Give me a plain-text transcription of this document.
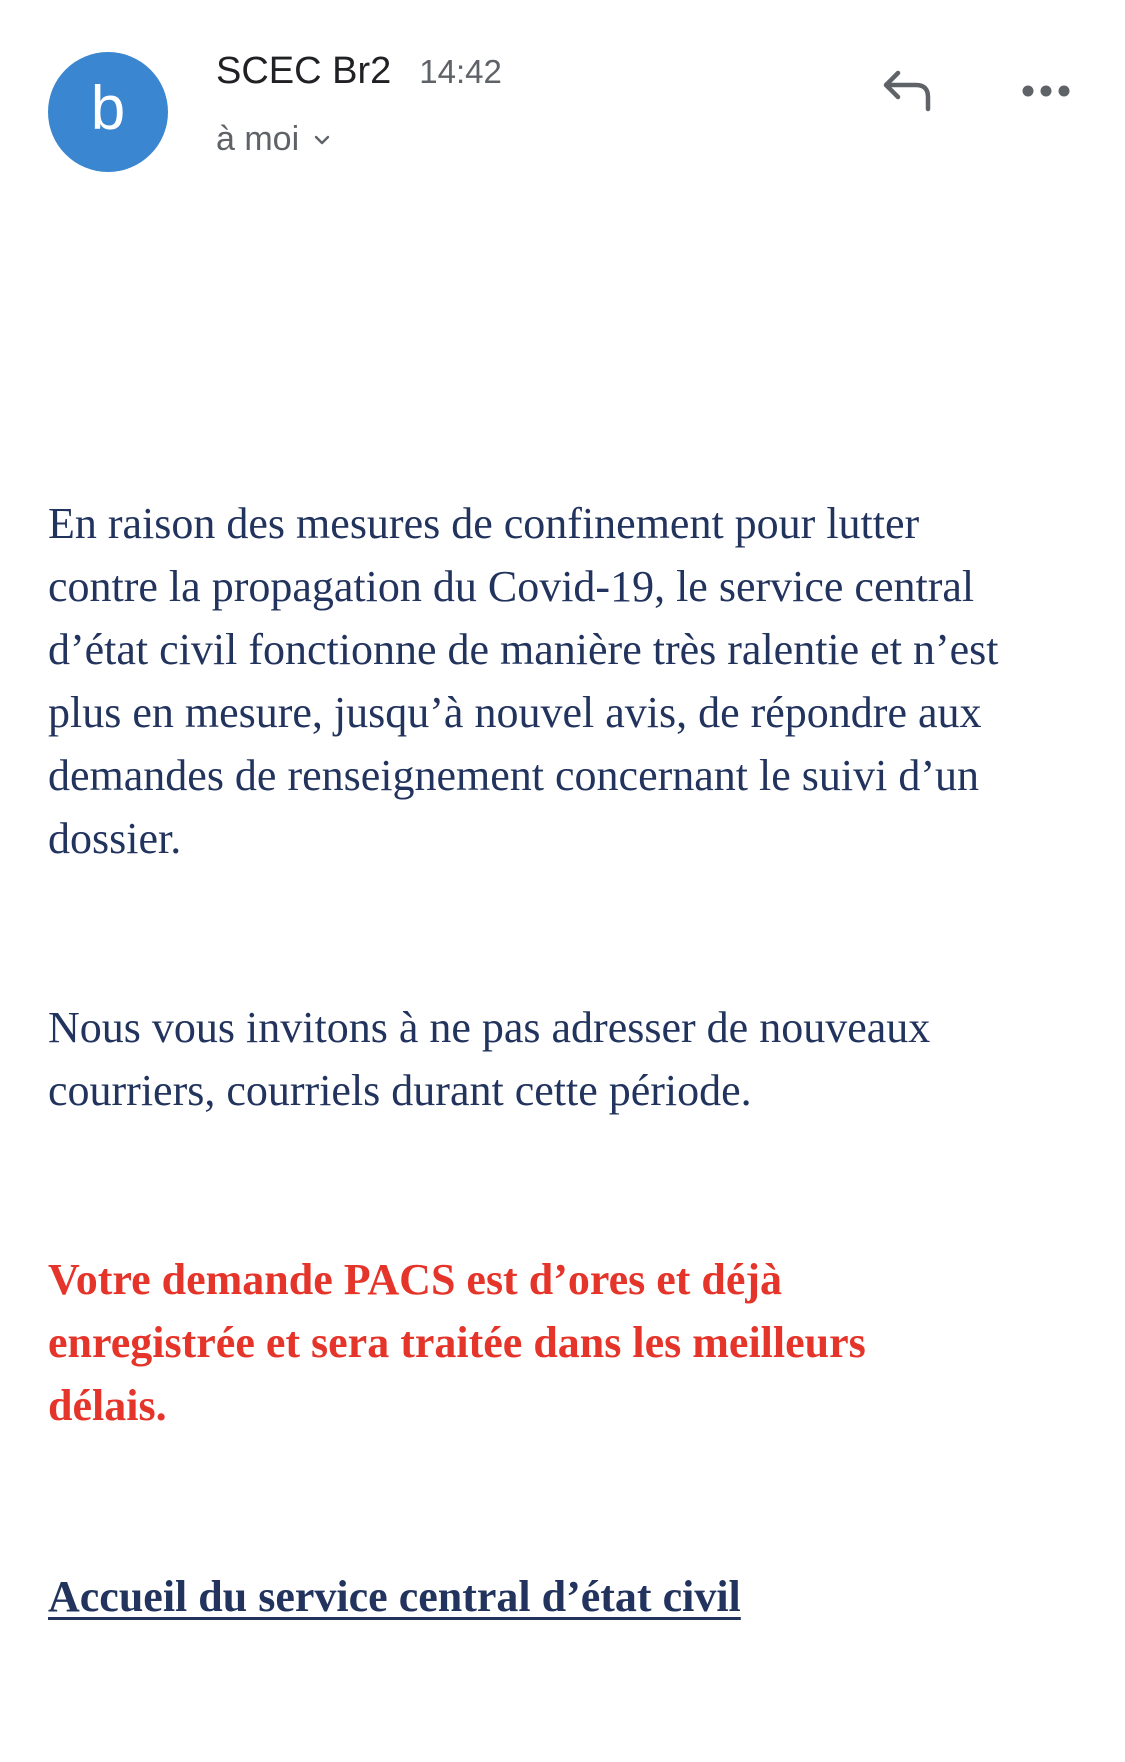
b
SCEC Br2 14:42
à moi

En raison des mesures de confinement pour lutter contre la propagation du Covid-19, le service central d’état civil fonctionne de manière très ralentie et n’est plus en mesure, jusqu’à nouvel avis, de répondre aux demandes de renseignement concernant le suivi d’un dossier.

Nous vous invitons à ne pas adresser de nouveaux courriers, courriels durant cette période.

Votre demande PACS est d’ores et déjà enregistrée et sera traitée dans les meilleurs délais.

Accueil du service central d’état civil
